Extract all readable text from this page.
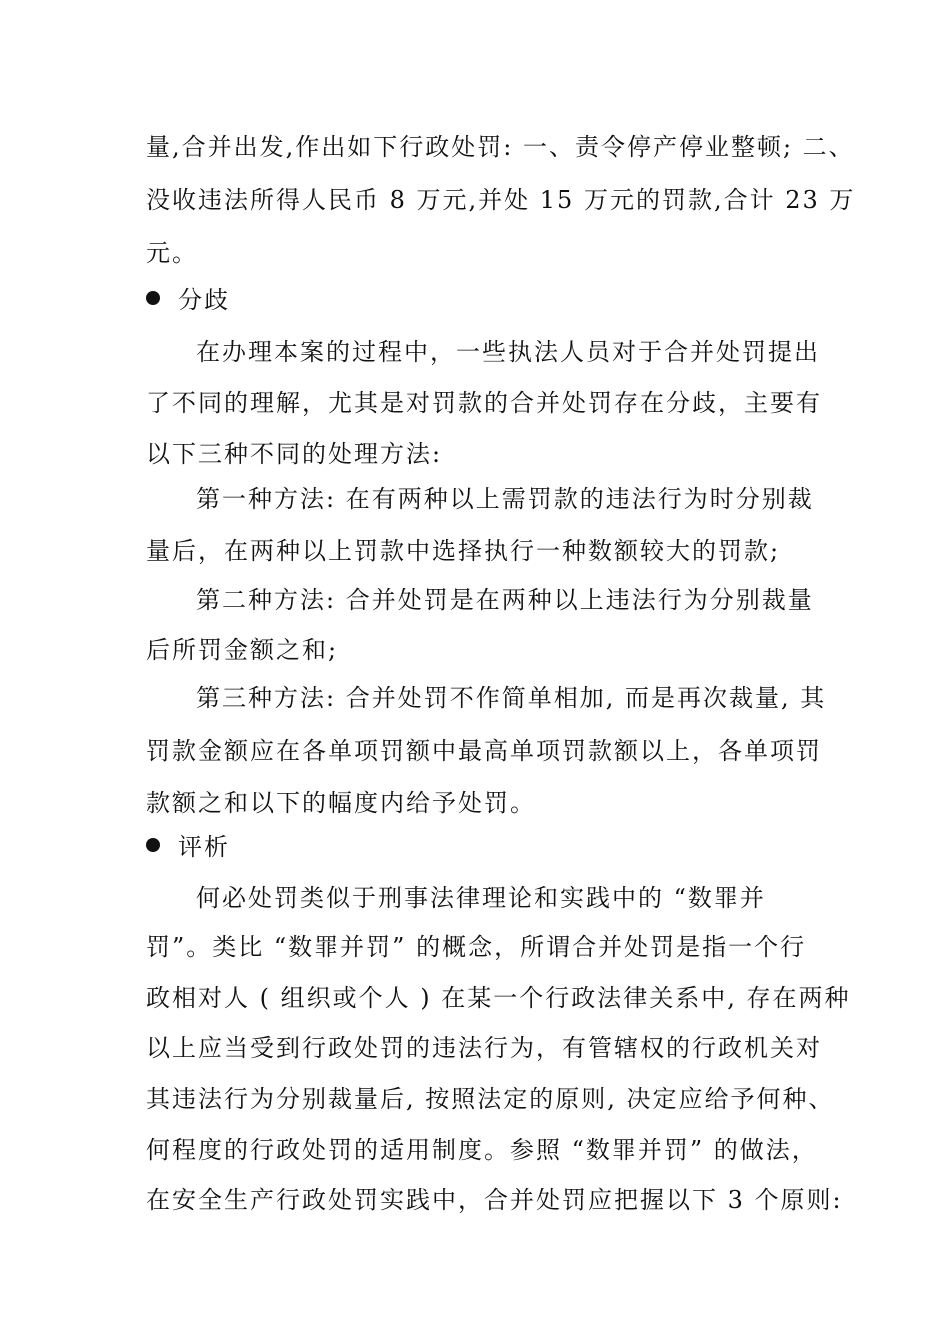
量,合并出发,作出如下行政处罚: 一、责令停产停业整顿; 二、

没收违法所得人民币 8 万元,并处 15 万元的罚款,合计 23 万

元。

分歧

在办理本案的过程中，一些执法人员对于合并处罚提出

了不同的理解，尤其是对罚款的合并处罚存在分歧，主要有

以下三种不同的处理方法:

第一种方法: 在有两种以上需罚款的违法行为时分别裁

量后，在两种以上罚款中选择执行一种数额较大的罚款;

第二种方法: 合并处罚是在两种以上违法行为分别裁量

后所罚金额之和;

第三种方法: 合并处罚不作简单相加, 而是再次裁量, 其

罚款金额应在各单项罚额中最高单项罚款额以上，各单项罚

款额之和以下的幅度内给予处罚。

评析

何必处罚类似于刑事法律理论和实践中的 “数罪并

罚”。类比 “数罪并罚” 的概念，所谓合并处罚是指一个行

政相对人 ( 组织或个人 ) 在某一个行政法律关系中, 存在两种

以上应当受到行政处罚的违法行为，有管辖权的行政机关对

其违法行为分别裁量后, 按照法定的原则, 决定应给予何种、

何程度的行政处罚的适用制度。参照 “数罪并罚” 的做法，

在安全生产行政处罚实践中，合并处罚应把握以下 3 个原则:
